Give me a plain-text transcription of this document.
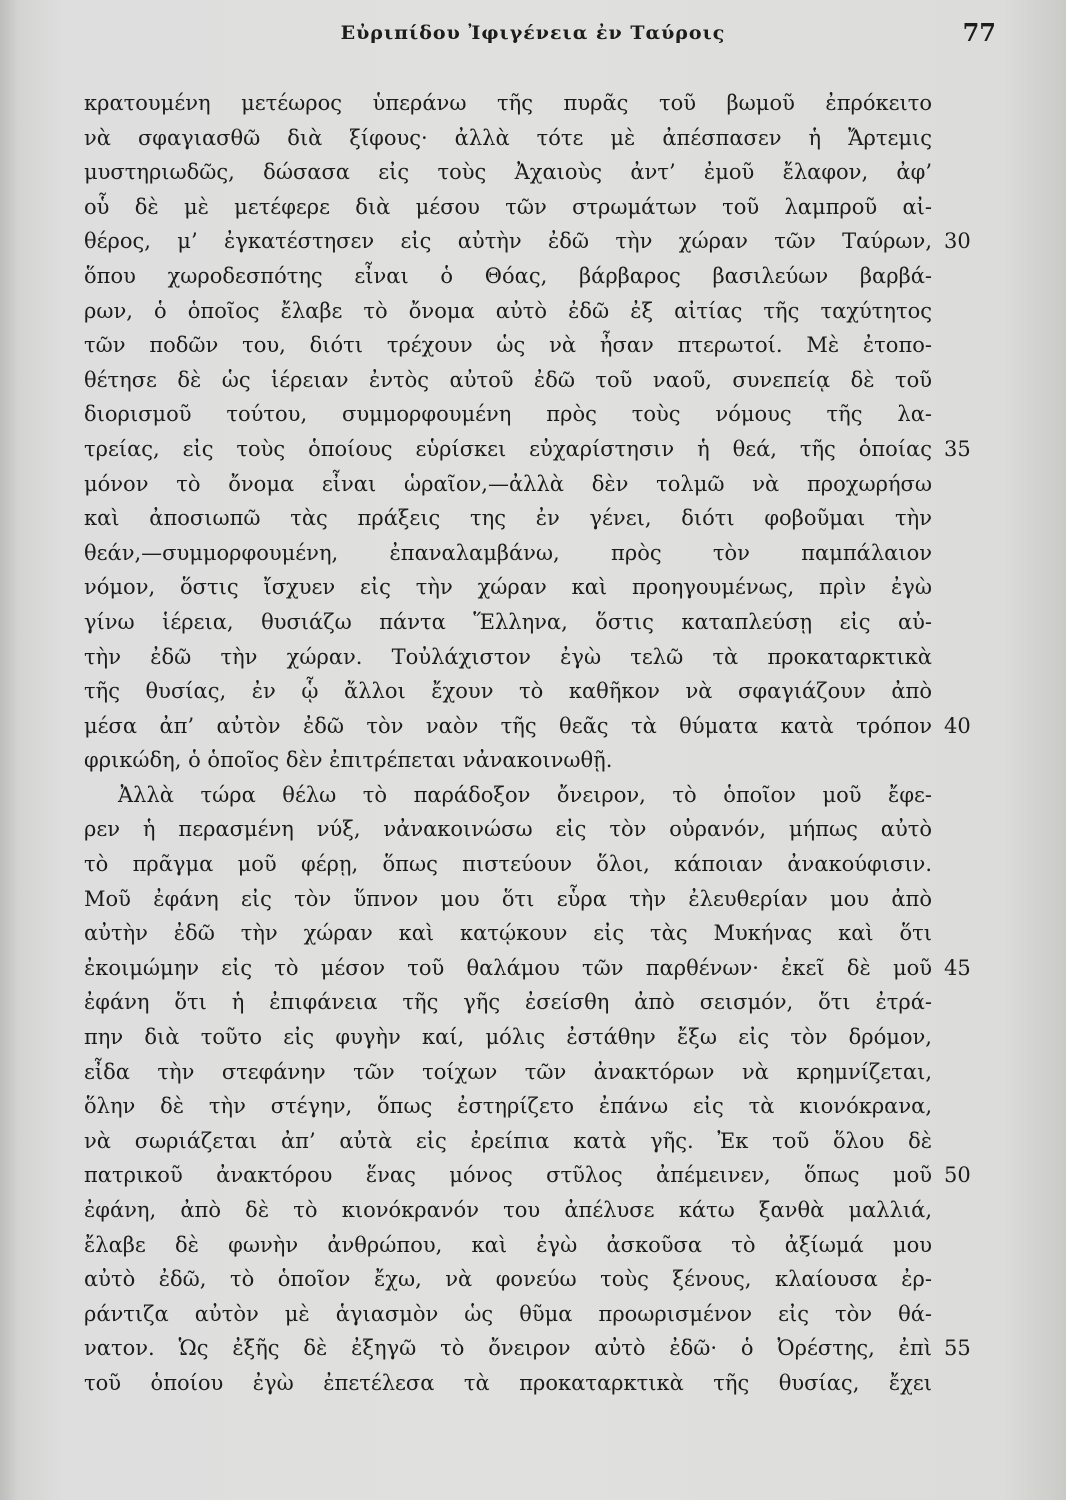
Εὐριπίδου Ἰφιγένεια ἐν Ταύροις	77
κρατουμένη μετέωρος ὑπεράνω τῆς πυρᾶς τοῦ βωμοῦ ἐπρόκειτο
νὰ σφαγιασθῶ διὰ ξίφους· ἀλλὰ τότε μὲ ἀπέσπασεν ἡ Ἄρτεμις
μυστηριωδῶς, δώσασα εἰς τοὺς Ἀχαιοὺς ἀντ’ ἐμοῦ ἔλαφον, ἀφ’
οὗ δὲ μὲ μετέφερε διὰ μέσου τῶν στρωμάτων τοῦ λαμπροῦ αἰ-
θέρος, μ’ ἐγκατέστησεν εἰς αὐτὴν ἐδῶ τὴν χώραν τῶν Ταύρων, 30
ὅπου χωροδεσπότης εἶναι ὁ Θόας, βάρβαρος βασιλεύων βαρβά-
ρων, ὁ ὁποῖος ἔλαβε τὸ ὄνομα αὐτὸ ἐδῶ ἐξ αἰτίας τῆς ταχύτητος
τῶν ποδῶν του, διότι τρέχουν ὡς νὰ ἦσαν πτερωτοί. Μὲ ἐτοπο-
θέτησε δὲ ὡς ἱέρειαν ἐντὸς αὐτοῦ ἐδῶ τοῦ ναοῦ, συνεπείᾳ δὲ τοῦ
διορισμοῦ τούτου, συμμορφουμένη πρὸς τοὺς νόμους τῆς λα-
τρείας, εἰς τοὺς ὁποίους εὑρίσκει εὐχαρίστησιν ἡ θεά, τῆς ὁποίας 35
μόνον τὸ ὄνομα εἶναι ὡραῖον,—ἀλλὰ δὲν τολμῶ νὰ προχωρήσω
καὶ ἀποσιωπῶ τὰς πράξεις της ἐν γένει, διότι φοβοῦμαι τὴν
θεάν,—συμμορφουμένη, ἐπαναλαμβάνω, πρὸς τὸν παμπάλαιον
νόμον, ὅστις ἴσχυεν εἰς τὴν χώραν καὶ προηγουμένως, πρὶν ἐγὼ
γίνω ἱέρεια, θυσιάζω πάντα Ἕλληνα, ὅστις καταπλεύσῃ εἰς αὐ-
τὴν ἐδῶ τὴν χώραν. Τοὐλάχιστον ἐγὼ τελῶ τὰ προκαταρκτικὰ
τῆς θυσίας, ἐν ᾧ ἄλλοι ἔχουν τὸ καθῆκον νὰ σφαγιάζουν ἀπὸ
μέσα ἀπ’ αὐτὸν ἐδῶ τὸν ναὸν τῆς θεᾶς τὰ θύματα κατὰ τρόπον 40
φρικώδη, ὁ ὁποῖος δὲν ἐπιτρέπεται νἀνακοινωθῇ.
Ἀλλὰ τώρα θέλω τὸ παράδοξον ὄνειρον, τὸ ὁποῖον μοῦ ἔφε-
ρεν ἡ περασμένη νύξ, νἀνακοινώσω εἰς τὸν οὐρανόν, μήπως αὐτὸ
τὸ πρᾶγμα μοῦ φέρῃ, ὅπως πιστεύουν ὅλοι, κάποιαν ἀνακούφισιν.
Μοῦ ἐφάνη εἰς τὸν ὕπνον μου ὅτι εὗρα τὴν ἐλευθερίαν μου ἀπὸ
αὐτὴν ἐδῶ τὴν χώραν καὶ κατῴκουν εἰς τὰς Μυκήνας καὶ ὅτι
ἐκοιμώμην εἰς τὸ μέσον τοῦ θαλάμου τῶν παρθένων· ἐκεῖ δὲ μοῦ 45
ἐφάνη ὅτι ἡ ἐπιφάνεια τῆς γῆς ἐσείσθη ἀπὸ σεισμόν, ὅτι ἐτρά-
πην διὰ τοῦτο εἰς φυγὴν καί, μόλις ἐστάθην ἔξω εἰς τὸν δρόμον,
εἶδα τὴν στεφάνην τῶν τοίχων τῶν ἀνακτόρων νὰ κρημνίζεται,
ὅλην δὲ τὴν στέγην, ὅπως ἐστηρίζετο ἐπάνω εἰς τὰ κιονόκρανα,
νὰ σωριάζεται ἀπ’ αὐτὰ εἰς ἐρείπια κατὰ γῆς. Ἐκ τοῦ ὅλου δὲ
πατρικοῦ ἀνακτόρου ἕνας μόνος στῦλος ἀπέμεινεν, ὅπως μοῦ 50
ἐφάνη, ἀπὸ δὲ τὸ κιονόκρανόν του ἀπέλυσε κάτω ξανθὰ μαλλιά,
ἔλαβε δὲ φωνὴν ἀνθρώπου, καὶ ἐγὼ ἀσκοῦσα τὸ ἀξίωμά μου
αὐτὸ ἐδῶ, τὸ ὁποῖον ἔχω, νὰ φονεύω τοὺς ξένους, κλαίουσα ἐρ-
ράντιζα αὐτὸν μὲ ἁγιασμὸν ὡς θῦμα προωρισμένον εἰς τὸν θά-
νατον. Ὡς ἐξῆς δὲ ἐξηγῶ τὸ ὄνειρον αὐτὸ ἐδῶ· ὁ Ὀρέστης, ἐπὶ 55
τοῦ ὁποίου ἐγὼ ἐπετέλεσα τὰ προκαταρκτικὰ τῆς θυσίας, ἔχει
